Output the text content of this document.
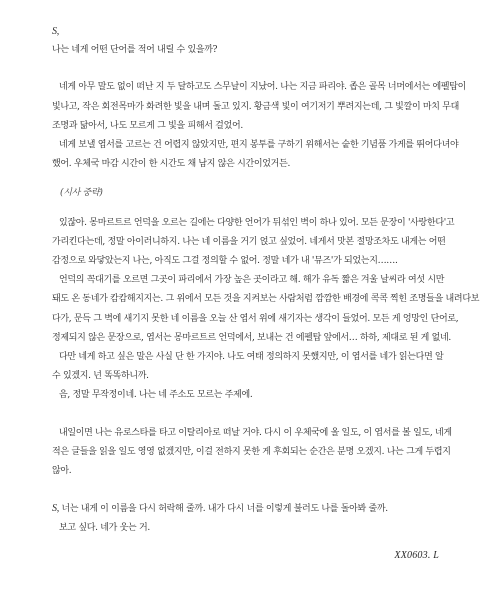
S,
나는 네게 어떤 단어를 적어 내릴 수 있을까?
네게 아무 말도 없이 떠난 지 두 달하고도 스무날이 지났어. 나는 지금 파리야. 좁은 골목 너머에서는 에펠탑이
빛나고, 작은 회전목마가 화려한 빛을 내며 돌고 있지. 황금색 빛이 여기저기 뿌려지는데, 그 빛깔이 마치 무대
조명과 닮아서, 나도 모르게 그 빛을 피해서 걸었어.
네게 보낼 엽서를 고르는 건 어렵지 않았지만, 편지 봉투를 구하기 위해서는 숱한 기념품 가게를 뛰어다녀야
했어. 우체국 마감 시간이 한 시간도 채 남지 않은 시간이었거든.
(시사 중략)
있잖아. 몽마르트르 언덕을 오르는 길에는 다양한 언어가 뒤섞인 벽이 하나 있어. 모든 문장이 '사랑한다'고
가리킨다는데, 정말 아이러니하지. 나는 네 이름을 거기 얹고 싶었어. 네게서 맛본 절망조차도 내게는 어떤
감정으로 와닿았는지 나는, 아직도 그걸 정의할 수 없어. 정말 네가 내 '뮤즈'가 되었는지…….
언덕의 꼭대기를 오르면 그곳이 파리에서 가장 높은 곳이라고 해. 해가 유독 짧은 겨울 날씨라 여섯 시만
돼도 온 동네가 캄캄해지지는. 그 위에서 모든 것을 지켜보는 사람처럼 깜깜한 배경에 콕콕 찍힌 조명들을 내려다보
다가, 문득 그 벽에 새기지 못한 네 이름을 오늘 산 엽서 위에 새기자는 생각이 들었어. 모든 게 엉망인 단어로,
정제되지 않은 문장으로, 엽서는 몽마르트르 언덕에서, 보내는 건 에펠탑 앞에서… 하하, 제대로 된 게 없네.
다만 네게 하고 싶은 말은 사실 단 한 가지야. 나도 여태 정의하지 못했지만, 이 엽서를 네가 읽는다면 알
수 있겠지. 넌 똑똑하니까.
음, 정말 무작정이네. 나는 네 주소도 모르는 주제에.
내일이면 나는 유로스타를 타고 이탈리아로 떠날 거야. 다시 이 우체국에 올 일도, 이 엽서를 볼 일도, 네게
적은 글들을 읽을 일도 영영 없겠지만, 이걸 전하지 못한 게 후회되는 순간은 분명 오겠지. 나는 그게 두렵지
않아.
S, 너는 내게 이 이름을 다시 허락해 줄까. 내가 다시 너를 이렇게 불러도 나를 돌아봐 줄까.
보고 싶다. 네가 웃는 거.
XX0603. L
